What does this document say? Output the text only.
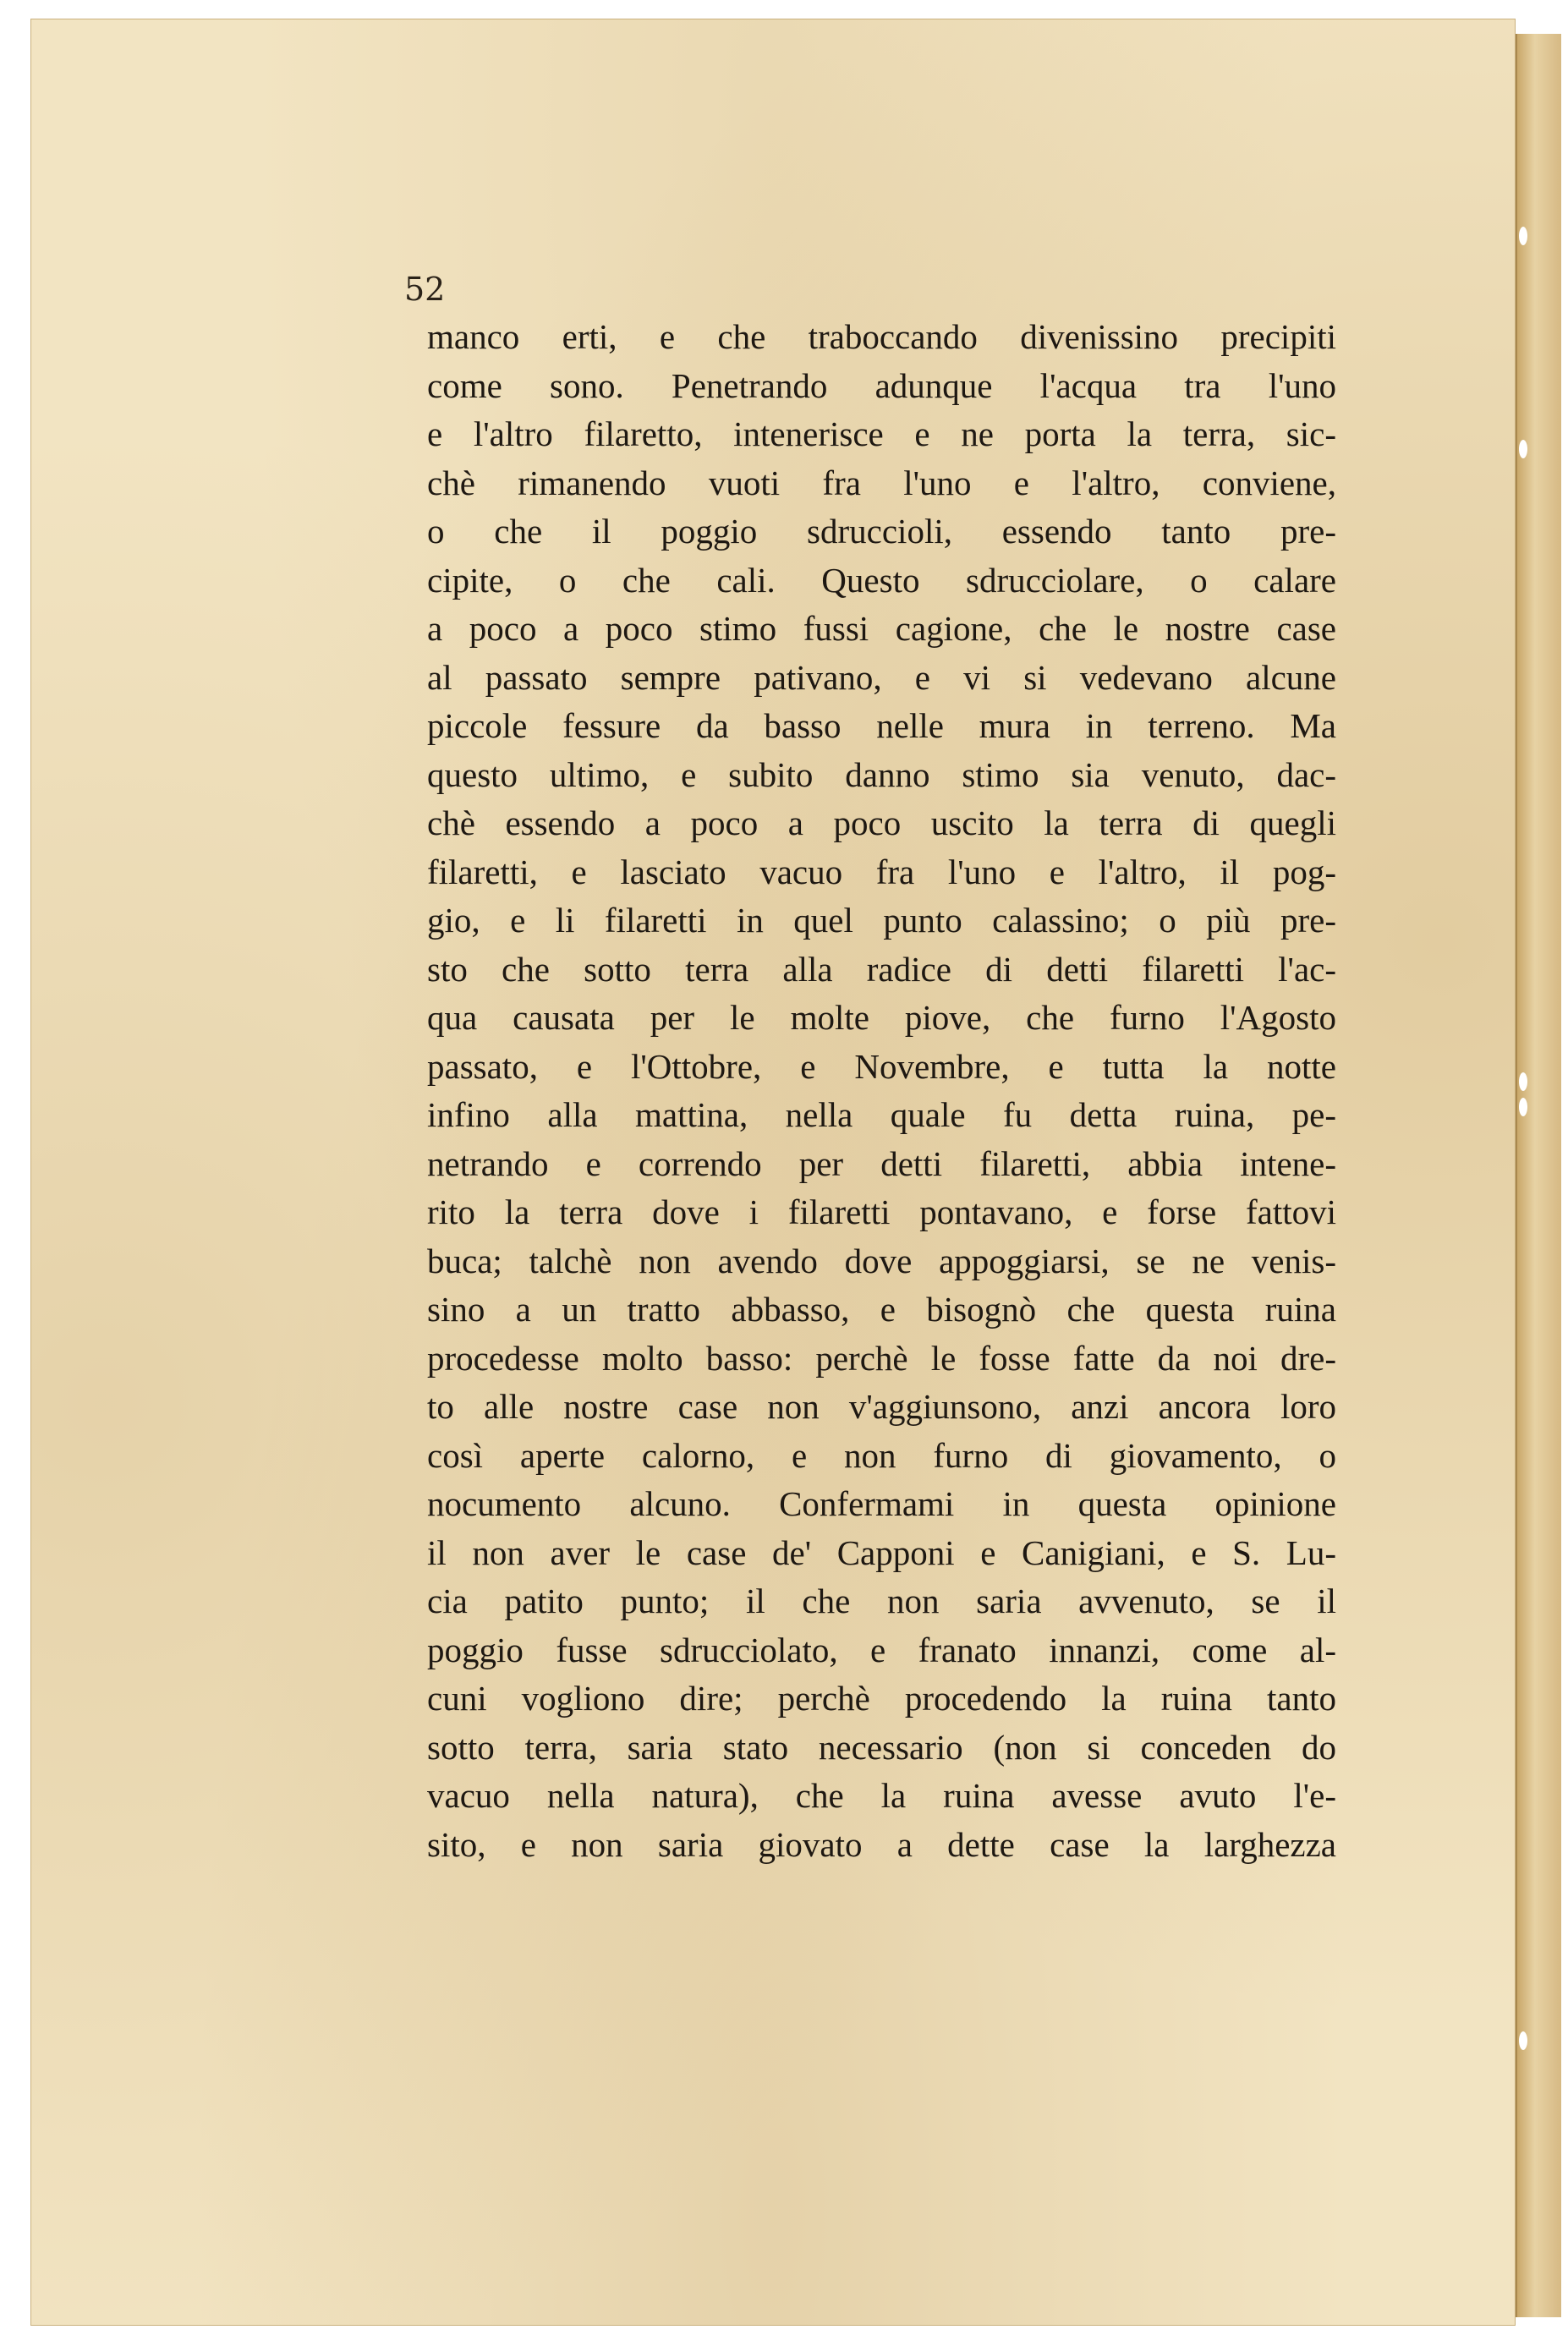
52
manco erti, e che traboccando divenissino precipiti
come sono. Penetrando adunque l'acqua tra l'uno
e l'altro filaretto, intenerisce e ne porta la terra, sic-
chè rimanendo vuoti fra l'uno e l'altro, conviene,
o che il poggio sdruccioli, essendo tanto pre-
cipite, o che cali. Questo sdrucciolare, o calare
a poco a poco stimo fussi cagione, che le nostre case
al passato sempre pativano, e vi si vedevano alcune
piccole fessure da basso nelle mura in terreno. Ma
questo ultimo, e subito danno stimo sia venuto, dac-
chè essendo a poco a poco uscito la terra di quegli
filaretti, e lasciato vacuo fra l'uno e l'altro, il pog-
gio, e li filaretti in quel punto calassino; o più pre-
sto che sotto terra alla radice di detti filaretti l'ac-
qua causata per le molte piove, che furno l'Agosto
passato, e l'Ottobre, e Novembre, e tutta la notte
infino alla mattina, nella quale fu detta ruina, pe-
netrando e correndo per detti filaretti, abbia intene-
rito la terra dove i filaretti pontavano, e forse fattovi
buca; talchè non avendo dove appoggiarsi, se ne venis-
sino a un tratto abbasso, e bisognò che questa ruina
procedesse molto basso: perchè le fosse fatte da noi dre-
to alle nostre case non v'aggiunsono, anzi ancora loro
così aperte calorno, e non furno di giovamento, o
nocumento alcuno. Confermami in questa opinione
il non aver le case de' Capponi e Canigiani, e S. Lu-
cia patito punto; il che non saria avvenuto, se il
poggio fusse sdrucciolato, e franato innanzi, come al-
cuni vogliono dire; perchè procedendo la ruina tanto
sotto terra, saria stato necessario (non si conceden do
vacuo nella natura), che la ruina avesse avuto l'e-
sito, e non saria giovato a dette case la larghezza
